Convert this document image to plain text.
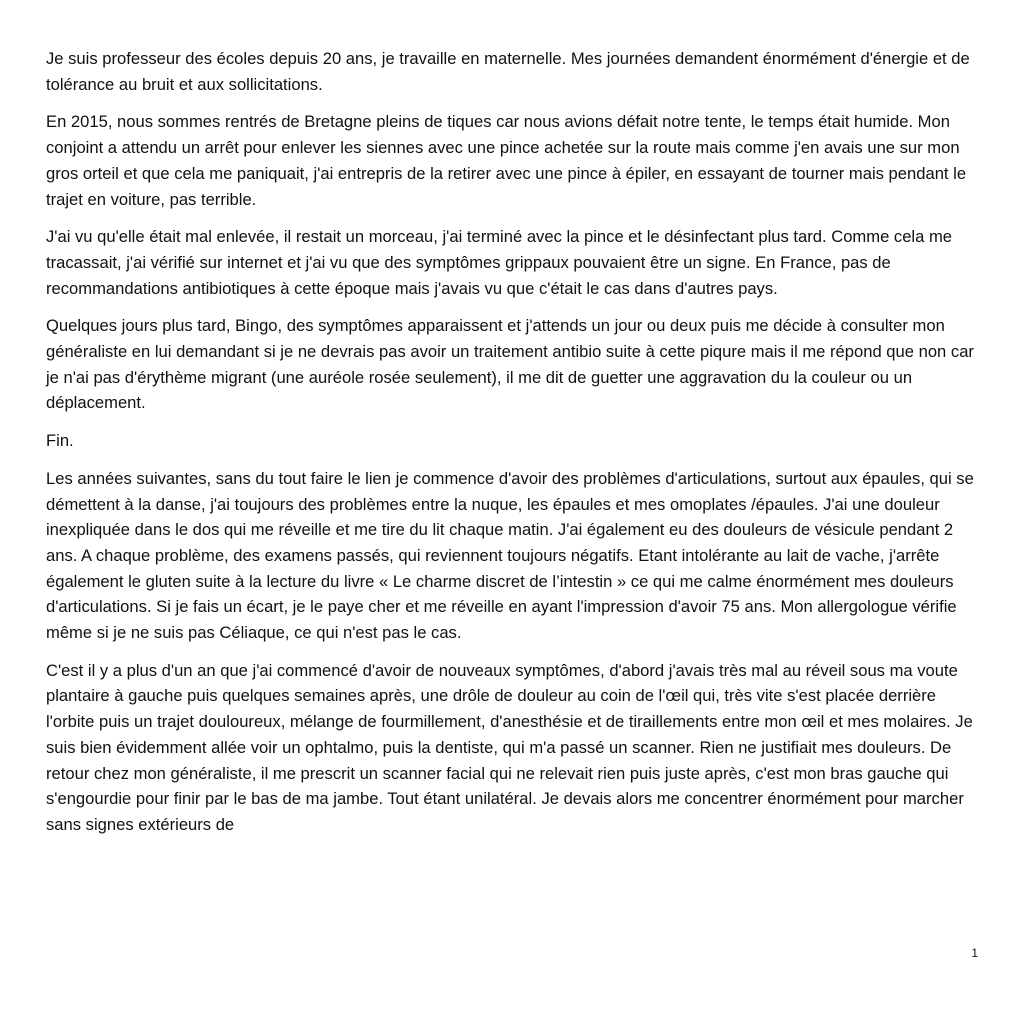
Je suis professeur des écoles depuis 20 ans, je travaille en maternelle. Mes journées demandent énormément d'énergie et de tolérance au bruit et aux sollicitations.

En 2015, nous sommes rentrés de Bretagne pleins de tiques car nous avions défait notre tente, le temps était humide. Mon conjoint a attendu un arrêt pour enlever les siennes avec une pince achetée sur la route mais comme j'en avais une sur mon gros orteil et que cela me paniquait, j'ai entrepris de la retirer avec une pince à épiler, en essayant de tourner mais pendant le trajet en voiture, pas terrible.

J'ai vu qu'elle était mal enlevée, il restait un morceau, j'ai terminé avec la pince et le désinfectant plus tard. Comme cela me tracassait, j'ai vérifié sur internet et j'ai vu que des symptômes grippaux pouvaient être un signe. En France, pas de recommandations antibiotiques à cette époque mais j'avais vu que c'était le cas dans d'autres pays.

Quelques jours plus tard, Bingo, des symptômes apparaissent et j'attends un jour ou deux puis me décide à consulter mon généraliste en lui demandant si je ne devrais pas avoir un traitement antibio suite à cette piqure mais il me répond que non car je n'ai pas d'érythème migrant (une auréole rosée seulement), il me dit de guetter une aggravation du la couleur ou un déplacement.

Fin.

Les années suivantes, sans du tout faire le lien je commence d'avoir des problèmes d'articulations, surtout aux épaules, qui se démettent à la danse, j'ai toujours des problèmes entre la nuque, les épaules et mes omoplates /épaules. J'ai une douleur inexpliquée dans le dos qui me réveille et me tire du lit chaque matin. J'ai également eu des douleurs de vésicule pendant 2 ans. A chaque problème, des examens passés, qui reviennent toujours négatifs. Etant intolérante au lait de vache, j'arrête également le gluten suite à la lecture du livre « Le charme discret de l’intestin » ce qui me calme énormément mes douleurs d'articulations. Si je fais un écart, je le paye cher et me réveille en ayant l'impression d'avoir 75 ans. Mon allergologue vérifie même si je ne suis pas Céliaque, ce qui n'est pas le cas.

C'est il y a plus d'un an que j'ai commencé d'avoir de nouveaux symptômes, d'abord j'avais très mal au réveil sous ma voute plantaire à gauche puis quelques semaines après, une drôle de douleur au coin de l'œil qui, très vite s'est placée derrière l'orbite puis un trajet douloureux, mélange de fourmillement, d'anesthésie et de tiraillements entre mon œil et mes molaires. Je suis bien évidemment allée voir un ophtalmo, puis la dentiste, qui m'a passé un scanner. Rien ne justifiait mes douleurs. De retour chez mon généraliste, il me prescrit un scanner facial qui ne relevait rien puis juste après, c'est mon bras gauche qui s'engourdie pour finir par le bas de ma jambe. Tout étant unilatéral. Je devais alors me concentrer énormément pour marcher sans signes extérieurs de

1
